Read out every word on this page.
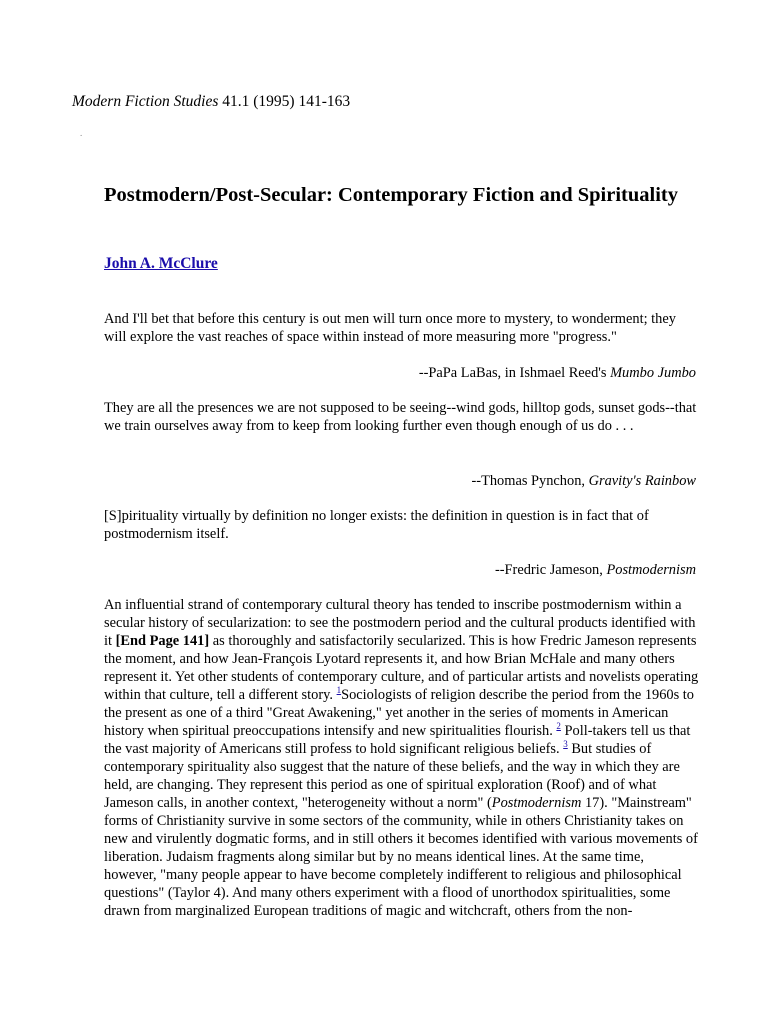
Modern Fiction Studies 41.1 (1995) 141-163
.
Postmodern/Post-Secular: Contemporary Fiction and Spirituality
John A. McClure

And I'll bet that before this century is out men will turn once more to mystery, to wonderment; they will explore the vast reaches of space within instead of more measuring more "progress."

--PaPa LaBas, in Ishmael Reed's Mumbo Jumbo

They are all the presences we are not supposed to be seeing--wind gods, hilltop gods, sunset gods--that we train ourselves away from to keep from looking further even though enough of us do . . .

--Thomas Pynchon, Gravity's Rainbow

[S]pirituality virtually by definition no longer exists: the definition in question is in fact that of postmodernism itself.

--Fredric Jameson, Postmodernism

An influential strand of contemporary cultural theory has tended to inscribe postmodernism within a secular history of secularization: to see the postmodern period and the cultural products identified with it [End Page 141] as thoroughly and satisfactorily secularized. This is how Fredric Jameson represents the moment, and how Jean-François Lyotard represents it, and how Brian McHale and many others represent it. Yet other students of contemporary culture, and of particular artists and novelists operating within that culture, tell a different story. $^1$Sociologists of religion describe the period from the 1960s to the present as one of a third "Great Awakening," yet another in the series of moments in American history when spiritual preoccupations intensify and new spiritualities flourish. $^2$ Poll-takers tell us that the vast majority of Americans still profess to hold significant religious beliefs. $^3$ But studies of contemporary spirituality also suggest that the nature of these beliefs, and the way in which they are held, are changing. They represent this period as one of spiritual exploration (Roof) and of what Jameson calls, in another context, "heterogeneity without a norm" (Postmodernism 17). "Mainstream" forms of Christianity survive in some sectors of the community, while in others Christianity takes on new and virulently dogmatic forms, and in still others it becomes identified with various movements of liberation. Judaism fragments along similar but by no means identical lines. At the same time, however, "many people appear to have become completely indifferent to religious and philosophical questions" (Taylor 4). And many others experiment with a flood of unorthodox spiritualities, some drawn from marginalized European traditions of magic and witchcraft, others from the non-
